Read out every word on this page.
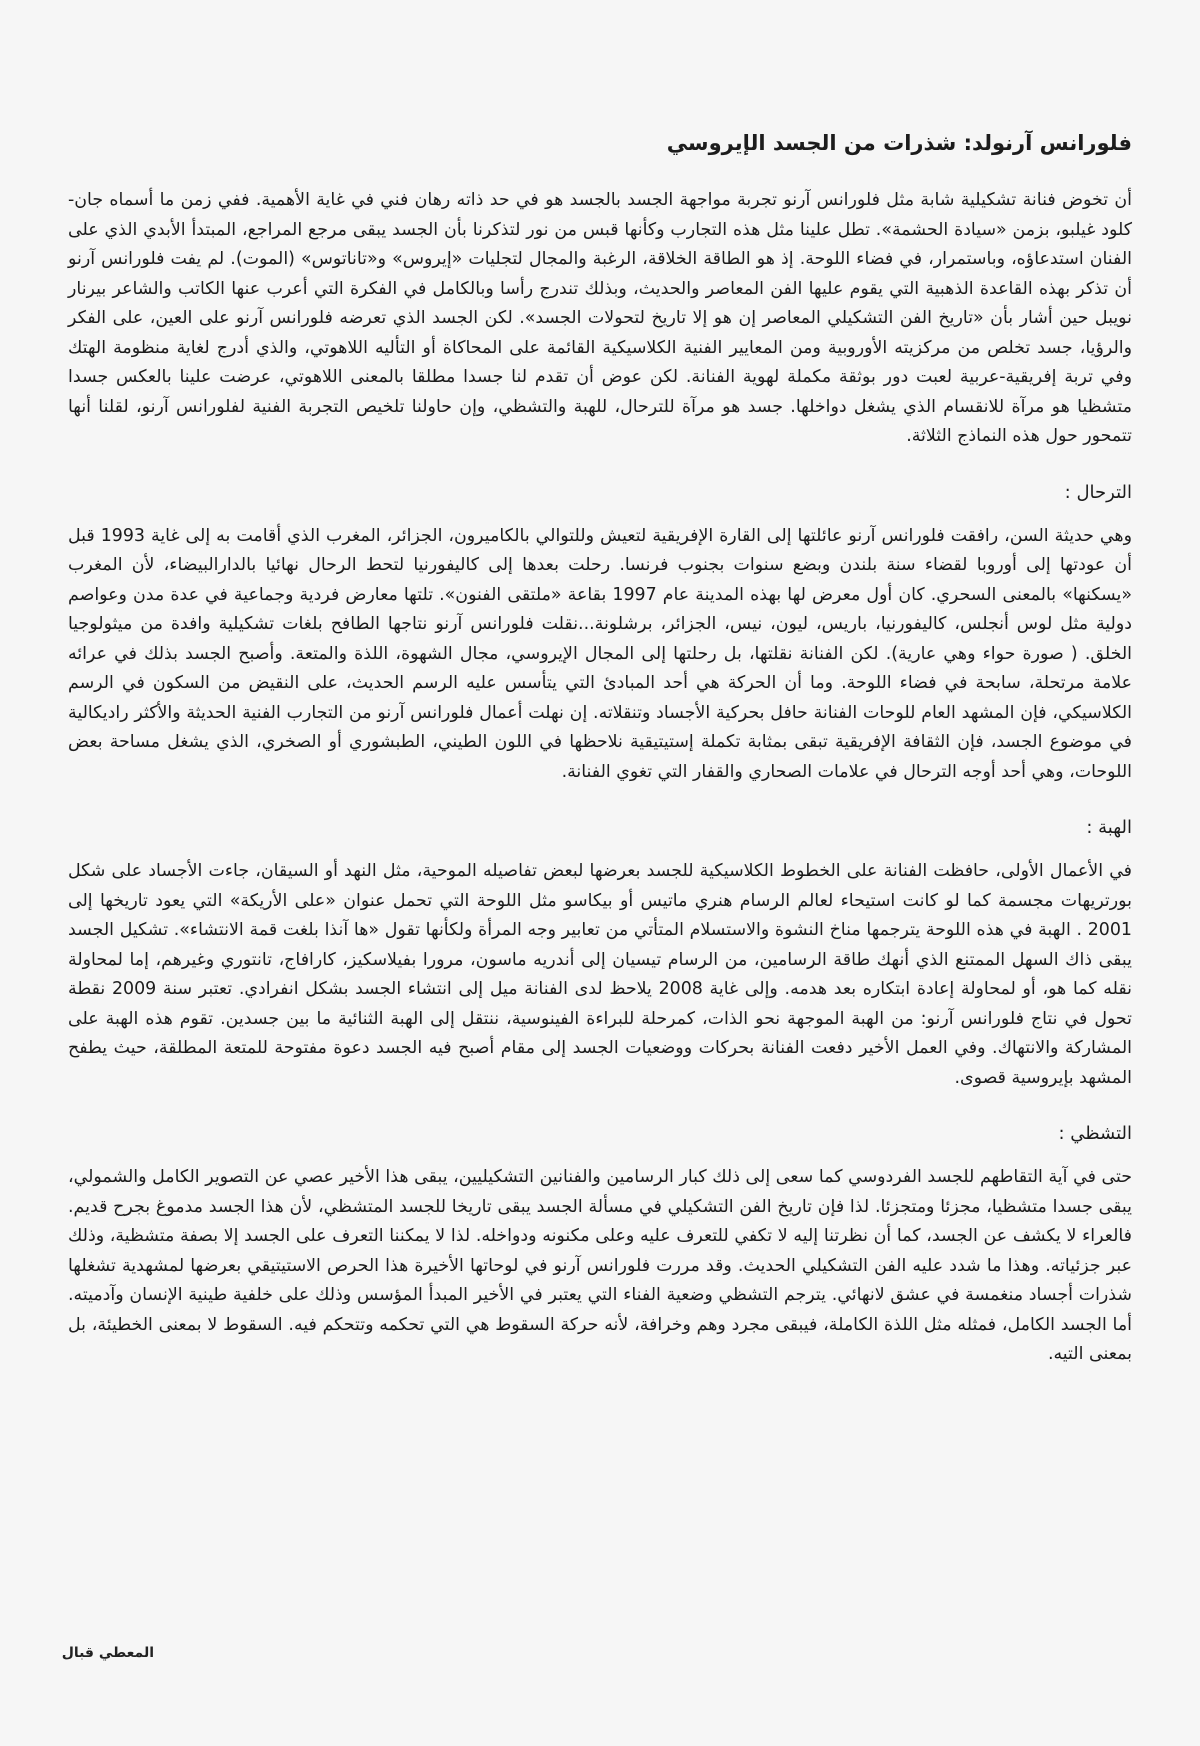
فلورانس آرنولد: شذرات من الجسد الإيروسي

أن تخوض فنانة تشكيلية شابة مثل فلورانس آرنو تجربة مواجهة الجسد بالجسد هو في حد ذاته رهان فني في غاية الأهمية. ففي زمن ما أسماه جان-كلود غيلبو، بزمن «سيادة الحشمة». تطل علينا مثل هذه التجارب وكأنها قبس من نور لتذكرنا بأن الجسد يبقى مرجع المراجع، المبتدأ الأبدي الذي على الفنان استدعاؤه، وباستمرار، في فضاء اللوحة. إذ هو الطاقة الخلاقة، الرغبة والمجال لتجليات «إيروس» و«تاناتوس» (الموت). لم يفت فلورانس آرنو أن تذكر بهذه القاعدة الذهبية التي يقوم عليها الفن المعاصر والحديث، وبذلك تندرج رأسا وبالكامل في الفكرة التي أعرب عنها الكاتب والشاعر بيرنار نويبل حين أشار بأن «تاريخ الفن التشكيلي المعاصر إن هو إلا تاريخ لتحولات الجسد». لكن الجسد الذي تعرضه فلورانس آرنو على العين، على الفكر والرؤيا، جسد تخلص من مركزيته الأوروبية ومن المعايير الفنية الكلاسيكية القائمة على المحاكاة أو التأليه اللاهوتي، والذي أدرج لغاية منظومة الهتك وفي تربة إفريقية-عربية لعبت دور بوثقة مكملة لهوية الفنانة. لكن عوض أن تقدم لنا جسدا مطلقا بالمعنى اللاهوتي، عرضت علينا بالعكس جسدا متشظيا هو مرآة للانقسام الذي يشغل دواخلها. جسد هو مرآة للترحال، للهبة والتشظي، وإن حاولنا تلخيص التجربة الفنية لفلورانس آرنو، لقلنا أنها تتمحور حول هذه النماذج الثلاثة.

الترحال :

وهي حديثة السن، رافقت فلورانس آرنو عائلتها إلى القارة الإفريقية لتعيش وللتوالي بالكاميرون، الجزائر، المغرب الذي أقامت به إلى غاية 1993 قبل أن عودتها إلى أوروبا لقضاء سنة بلندن وبضع سنوات بجنوب فرنسا. رحلت بعدها إلى كاليفورنيا لتحط الرحال نهائيا بالدارالبيضاء، لأن المغرب «يسكنها» بالمعنى السحري. كان أول معرض لها بهذه المدينة عام 1997 بقاعة «ملتقى الفنون». تلتها معارض فردية وجماعية في عدة مدن وعواصم دولية مثل لوس أنجلس، كاليفورنيا، باريس، ليون، نيس، الجزائر، برشلونة...نقلت فلورانس آرنو نتاجها الطافح بلغات تشكيلية وافدة من ميثولوجيا الخلق. ( صورة حواء وهي عارية). لكن الفنانة نقلتها، بل رحلتها إلى المجال الإيروسي، مجال الشهوة، اللذة والمتعة. وأصبح الجسد بذلك في عرائه علامة مرتحلة، سابحة في فضاء اللوحة. وما أن الحركة هي أحد المبادئ التي يتأسس عليه الرسم الحديث، على النقيض من السكون في الرسم الكلاسيكي، فإن المشهد العام للوحات الفنانة حافل بحركية الأجساد وتنقلاته. إن نهلت أعمال فلورانس آرنو من التجارب الفنية الحديثة والأكثر راديكالية في موضوع الجسد، فإن الثقافة الإفريقية تبقى بمثابة تكملة إستيتيقية نلاحظها في اللون الطيني، الطبشوري أو الصخري، الذي يشغل مساحة بعض اللوحات، وهي أحد أوجه الترحال في علامات الصحاري والقفار التي تغوي الفنانة.

الهبة :

في الأعمال الأولى، حافظت الفنانة على الخطوط الكلاسيكية للجسد بعرضها لبعض تفاصيله الموحية، مثل النهد أو السيقان، جاءت الأجساد على شكل بورتريهات مجسمة كما لو كانت استيحاء لعالم الرسام هنري ماتيس أو بيكاسو مثل اللوحة التي تحمل عنوان «على الأريكة» التي يعود تاريخها إلى 2001 . الهبة في هذه اللوحة يترجمها مناخ النشوة والاستسلام المتأتي من تعابير وجه المرأة ولكأنها تقول «ها آنذا بلغت قمة الانتشاء». تشكيل الجسد يبقى ذاك السهل الممتنع الذي أنهك طاقة الرسامين، من الرسام تيسيان إلى أندريه ماسون، مرورا بفيلاسكيز، كارافاج، تانتوري وغيرهم، إما لمحاولة نقله كما هو، أو لمحاولة إعادة ابتكاره بعد هدمه. وإلى غاية 2008 يلاحظ لدى الفنانة ميل إلى انتشاء الجسد بشكل انفرادي. تعتبر سنة 2009 نقطة تحول في نتاج فلورانس آرنو: من الهبة الموجهة نحو الذات، كمرحلة للبراءة الفينوسية، ننتقل إلى الهبة الثنائية ما بين جسدين. تقوم هذه الهبة على المشاركة والانتهاك. وفي العمل الأخير دفعت الفنانة بحركات ووضعيات الجسد إلى مقام أصبح فيه الجسد دعوة مفتوحة للمتعة المطلقة، حيث يطفح المشهد بإيروسية قصوى.

التشظي :

حتى في آية التقاطهم للجسد الفردوسي كما سعى إلى ذلك كبار الرسامين والفنانين التشكيليين، يبقى هذا الأخير عصي عن التصوير الكامل والشمولي، يبقى جسدا متشظيا، مجزئا ومتجزئا. لذا فإن تاريخ الفن التشكيلي في مسألة الجسد يبقى تاريخا للجسد المتشظي، لأن هذا الجسد مدموغ بجرح قديم. فالعراء لا يكشف عن الجسد، كما أن نظرتنا إليه لا تكفي للتعرف عليه وعلى مكنونه ودواخله. لذا لا يمكننا التعرف على الجسد إلا بصفة متشظية، وذلك عبر جزئياته. وهذا ما شدد عليه الفن التشكيلي الحديث. وقد مررت فلورانس آرنو في لوحاتها الأخيرة هذا الحرص الاستيتيقي بعرضها لمشهدية تشغلها شذرات أجساد منغمسة في عشق لانهائي. يترجم التشظي وضعية الفناء التي يعتبر في الأخير المبدأ المؤسس وذلك على خلفية طينية الإنسان وآدميته. أما الجسد الكامل، فمثله مثل اللذة الكاملة، فيبقى مجرد وهم وخرافة، لأنه حركة السقوط هي التي تحكمه وتتحكم فيه. السقوط لا بمعنى الخطيئة، بل بمعنى التيه.

المعطي قبال
